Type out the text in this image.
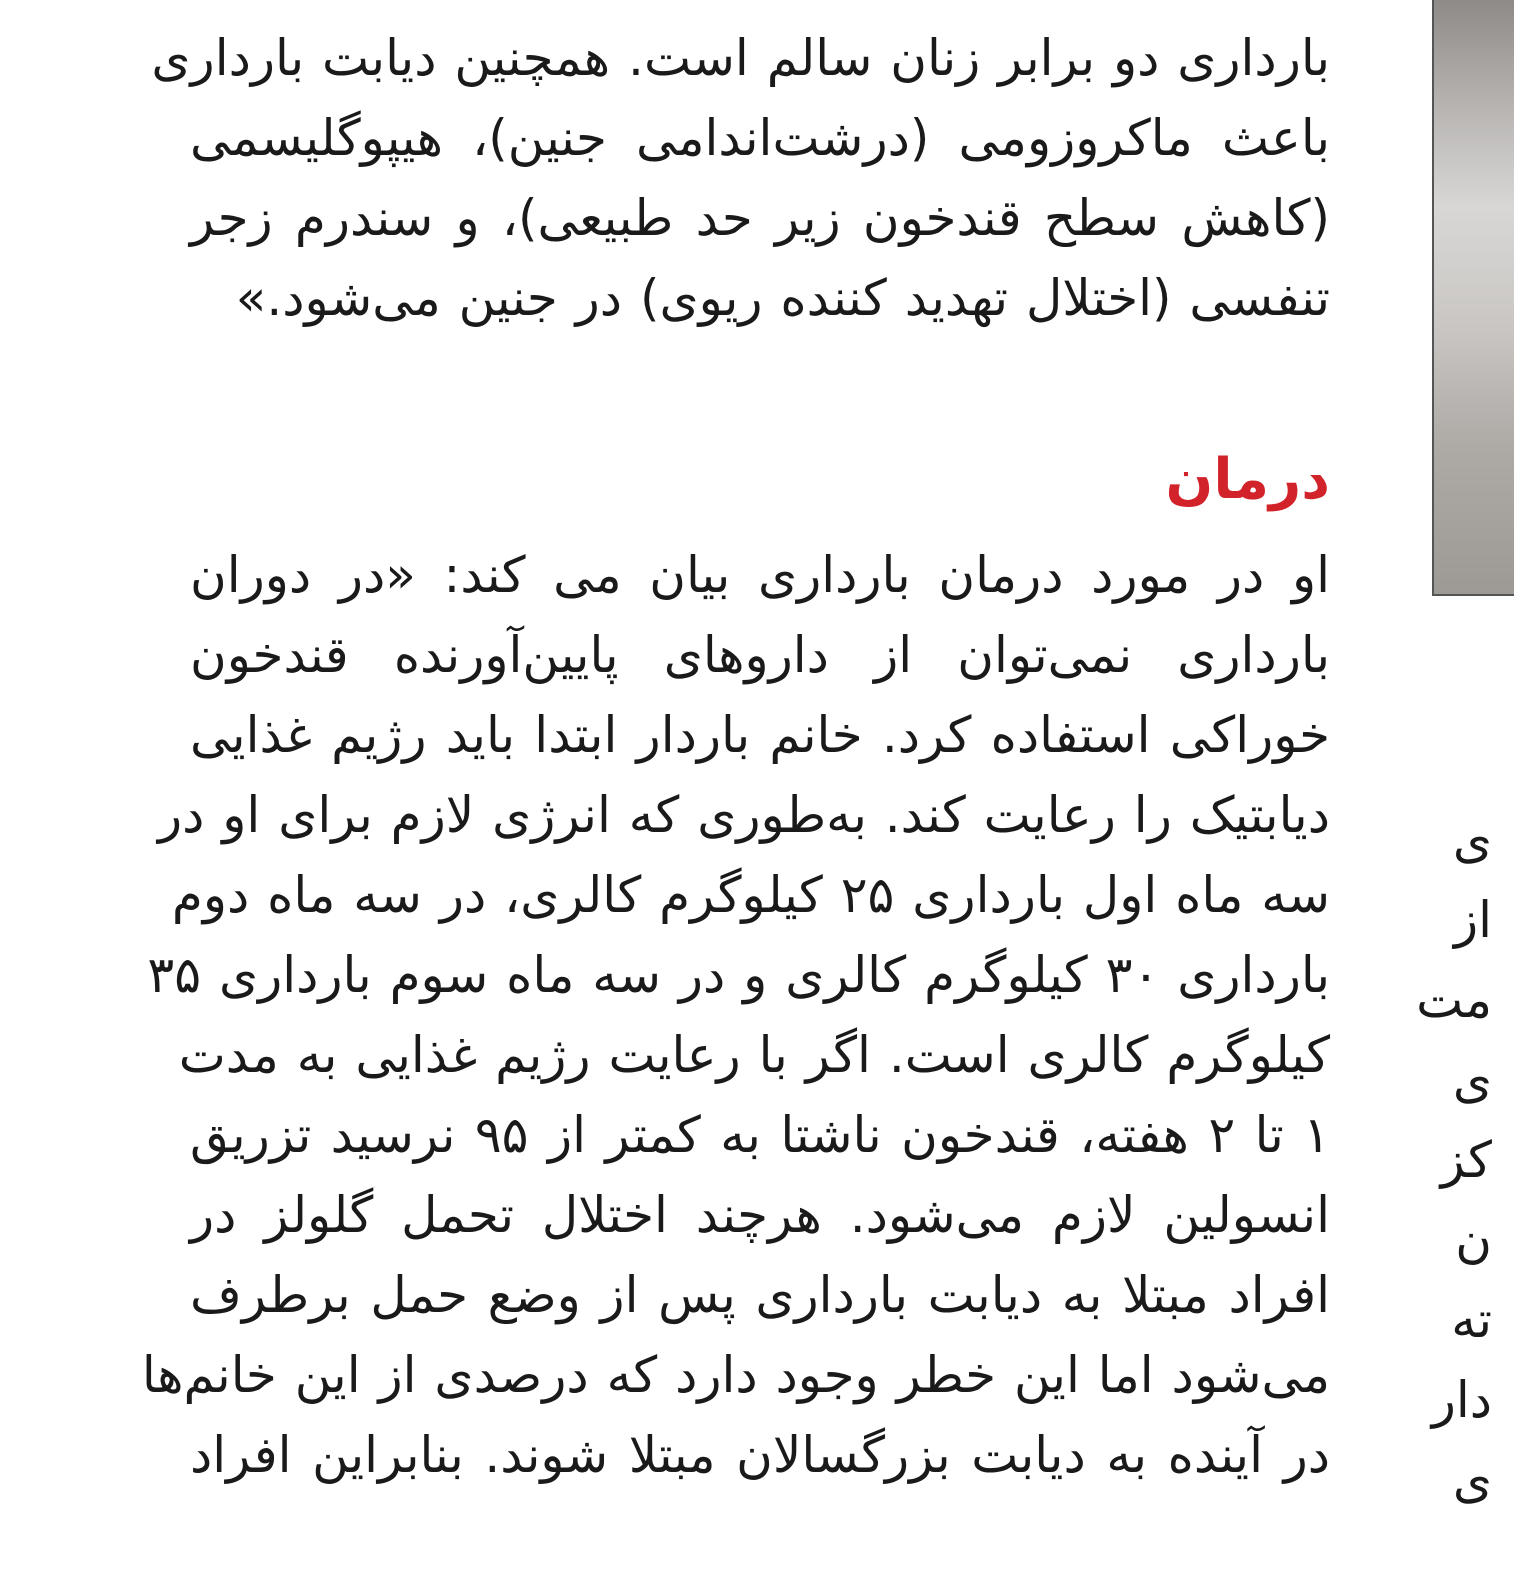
بارداری دو برابر زنان سالم است. همچنین دیابت بارداری
باعث ماکروزومی (درشت‌اندامی جنین)، هیپوگلیسمی
(کاهش سطح قندخون زیر حد طبیعی)، و سندرم زجر
تنفسی (اختلال تهدید کننده ریوی) در جنین می‌شود.»
درمان
او در مورد درمان بارداری بیان می کند: «در دوران
بارداری نمی‌توان از داروهای پایین‌آورنده قندخون
خوراکی استفاده کرد. خانم باردار ابتدا باید رژیم غذایی
دیابتیک را رعایت کند. به‌طوری که انرژی لازم برای او در
سه ماه اول بارداری ۲۵ کیلوگرم کالری، در سه ماه دوم
بارداری ۳۰ کیلوگرم کالری و در سه ماه سوم بارداری ۳۵
کیلوگرم کالری است. اگر با رعایت رژیم غذایی به مدت
۱ تا ۲ هفته، قندخون ناشتا به کمتر از ۹۵ نرسید تزریق
انسولین لازم می‌شود. هرچند اختلال تحمل گلولز در
افراد مبتلا به دیابت بارداری پس از وضع حمل برطرف
می‌شود اما این خطر وجود دارد که درصدی از این خانم‌ها
در آینده به دیابت بزرگسالان مبتلا شوند. بنابراین افراد
ی
از
مت
ی
کز
ن
ته
دار
ی
